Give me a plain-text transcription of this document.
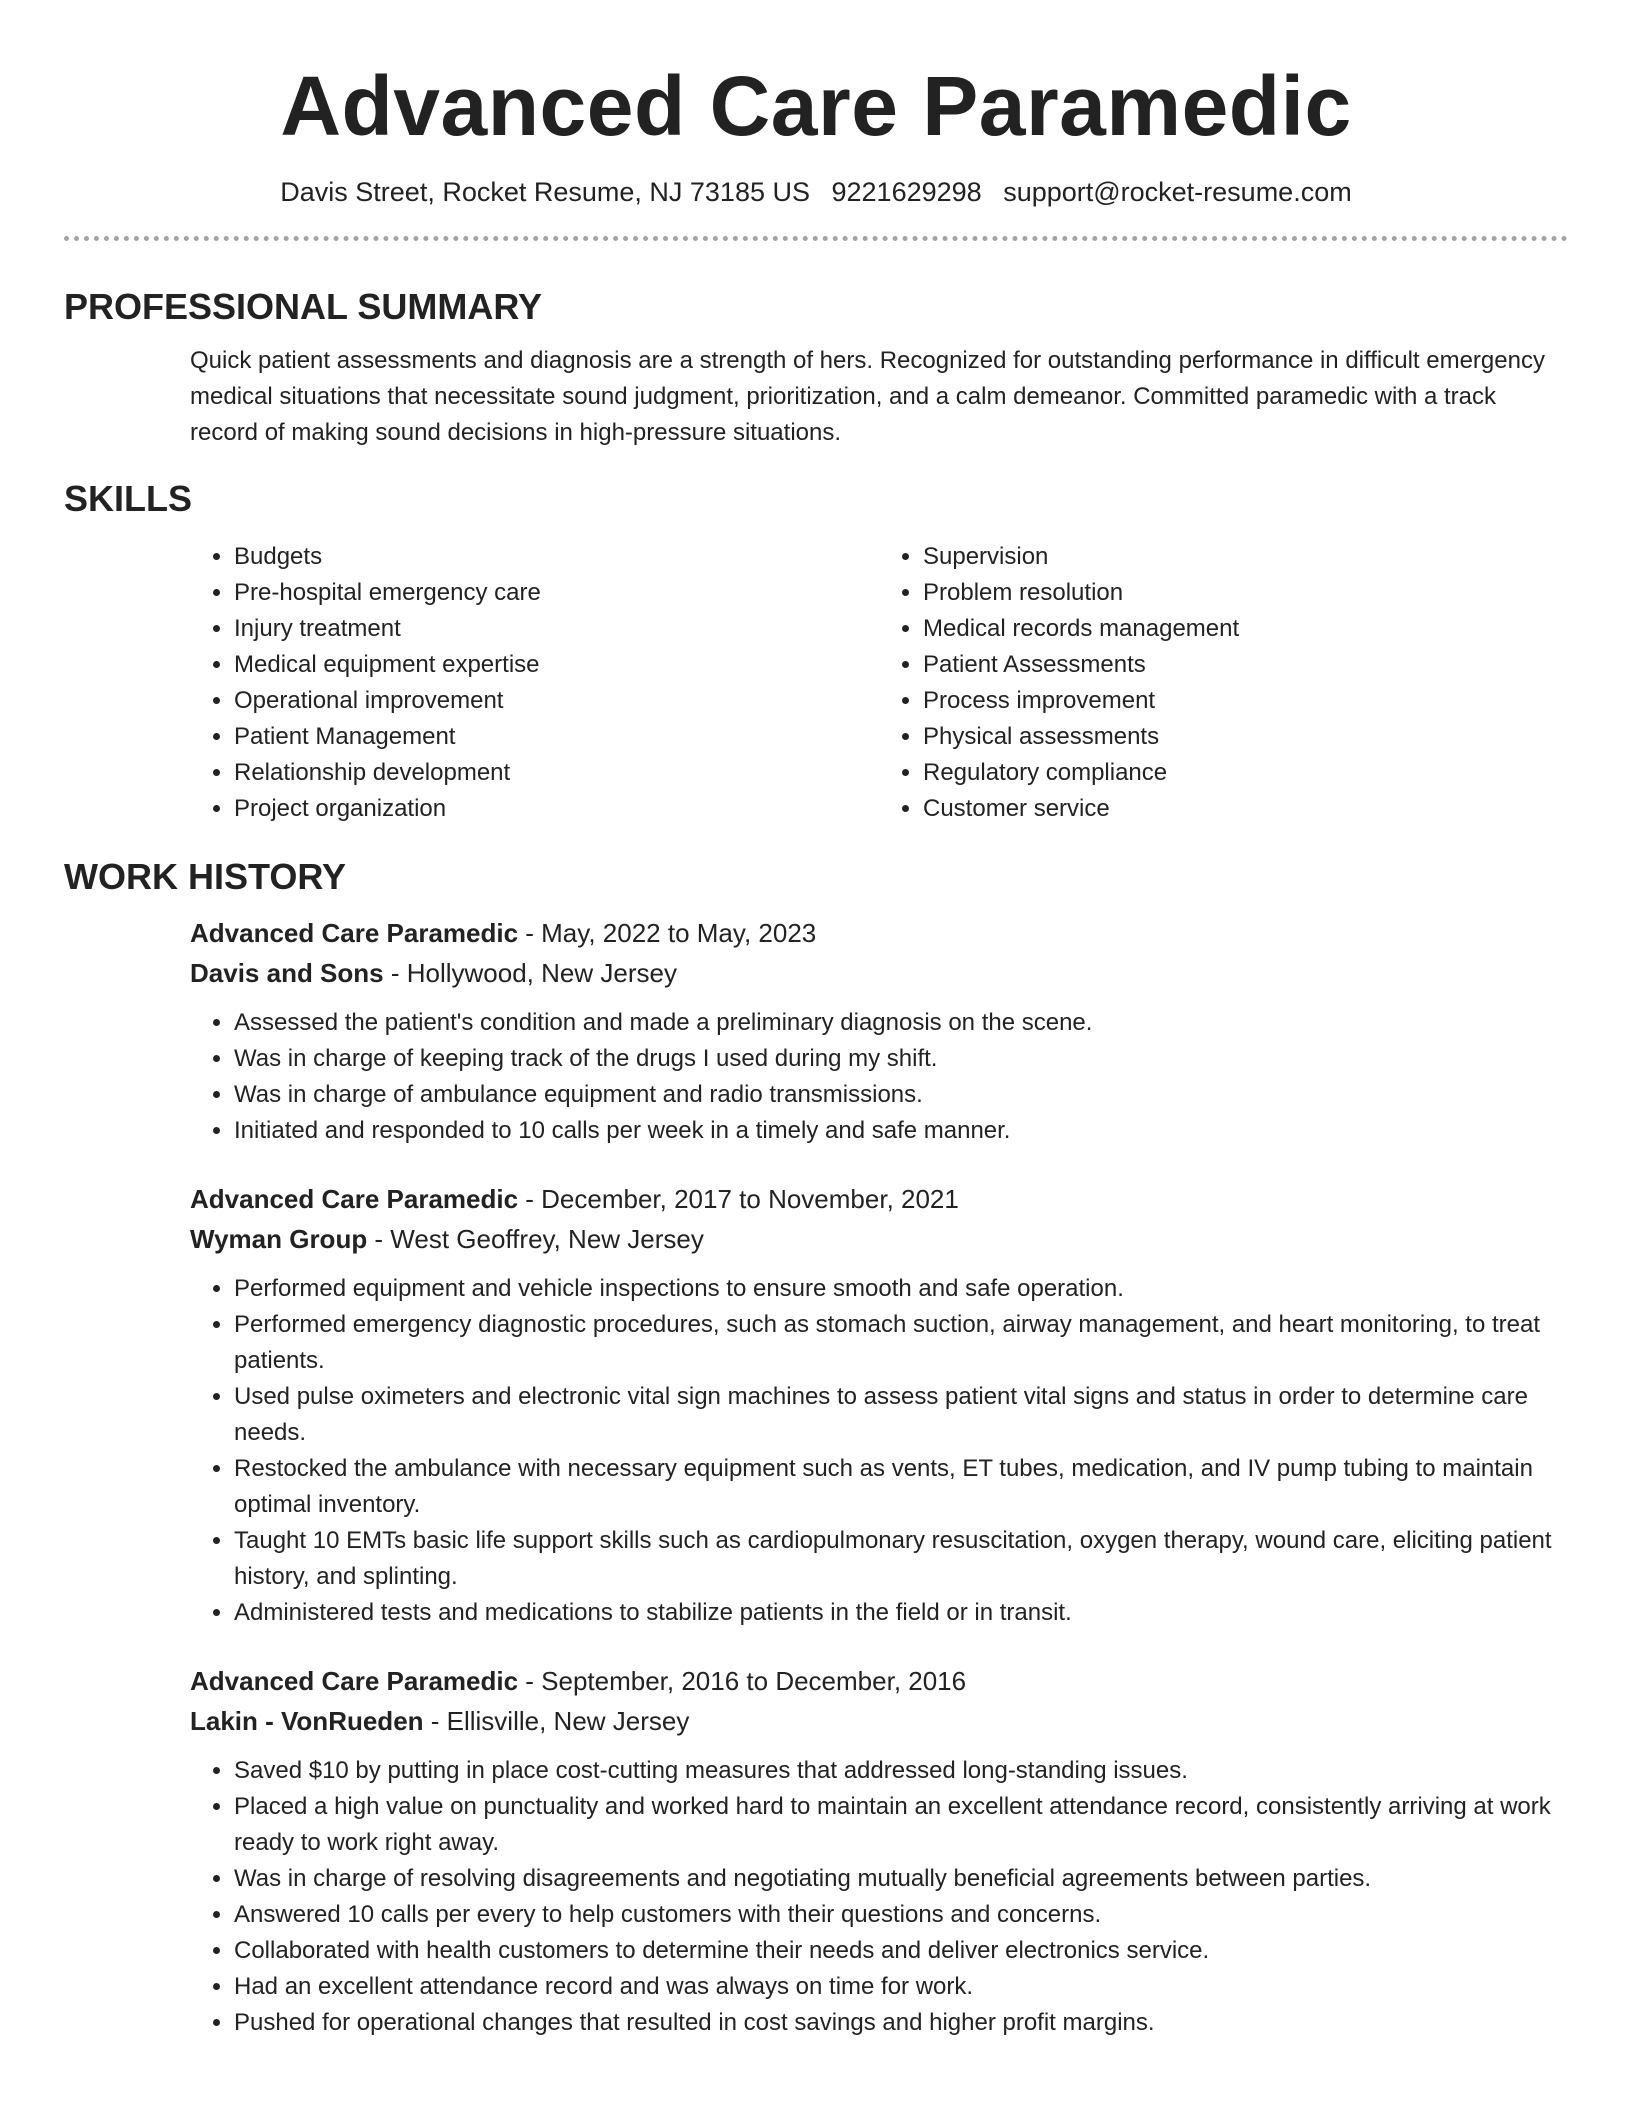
Advanced Care Paramedic
Davis Street, Rocket Resume, NJ 73185 US 9221629298 support@rocket-resume.com
PROFESSIONAL SUMMARY
Quick patient assessments and diagnosis are a strength of hers. Recognized for outstanding performance in difficult emergency medical situations that necessitate sound judgment, prioritization, and a calm demeanor. Committed paramedic with a track record of making sound decisions in high-pressure situations.
SKILLS
• Budgets
• Pre-hospital emergency care
• Injury treatment
• Medical equipment expertise
• Operational improvement
• Patient Management
• Relationship development
• Project organization
• Supervision
• Problem resolution
• Medical records management
• Patient Assessments
• Process improvement
• Physical assessments
• Regulatory compliance
• Customer service
WORK HISTORY
Advanced Care Paramedic - May, 2022 to May, 2023
Davis and Sons - Hollywood, New Jersey
• Assessed the patient's condition and made a preliminary diagnosis on the scene.
• Was in charge of keeping track of the drugs I used during my shift.
• Was in charge of ambulance equipment and radio transmissions.
• Initiated and responded to 10 calls per week in a timely and safe manner.
Advanced Care Paramedic - December, 2017 to November, 2021
Wyman Group - West Geoffrey, New Jersey
• Performed equipment and vehicle inspections to ensure smooth and safe operation.
• Performed emergency diagnostic procedures, such as stomach suction, airway management, and heart monitoring, to treat patients.
• Used pulse oximeters and electronic vital sign machines to assess patient vital signs and status in order to determine care needs.
• Restocked the ambulance with necessary equipment such as vents, ET tubes, medication, and IV pump tubing to maintain optimal inventory.
• Taught 10 EMTs basic life support skills such as cardiopulmonary resuscitation, oxygen therapy, wound care, eliciting patient history, and splinting.
• Administered tests and medications to stabilize patients in the field or in transit.
Advanced Care Paramedic - September, 2016 to December, 2016
Lakin - VonRueden - Ellisville, New Jersey
• Saved $10 by putting in place cost-cutting measures that addressed long-standing issues.
• Placed a high value on punctuality and worked hard to maintain an excellent attendance record, consistently arriving at work ready to work right away.
• Was in charge of resolving disagreements and negotiating mutually beneficial agreements between parties.
• Answered 10 calls per every to help customers with their questions and concerns.
• Collaborated with health customers to determine their needs and deliver electronics service.
• Had an excellent attendance record and was always on time for work.
• Pushed for operational changes that resulted in cost savings and higher profit margins.
